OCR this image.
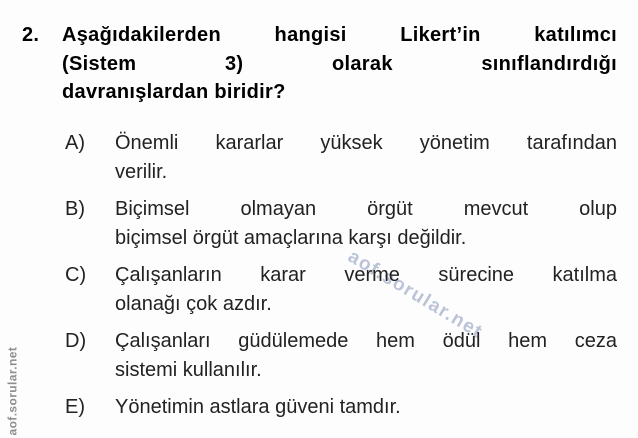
aof.sorular.net
aof.sorular.net
2.	Aşağıdakilerden hangisi Likert’in katılımcı
(Sistem 3) olarak sınıflandırdığı
davranışlardan biridir?
A)	Önemli kararlar yüksek yönetim tarafından
verilir.
B)	Biçimsel olmayan örgüt mevcut olup
biçimsel örgüt amaçlarına karşı değildir.
C)	Çalışanların karar verme sürecine katılma
olanağı çok azdır.
D)	Çalışanları güdülemede hem ödül hem ceza
sistemi kullanılır.
E)	Yönetimin astlara güveni tamdır.
